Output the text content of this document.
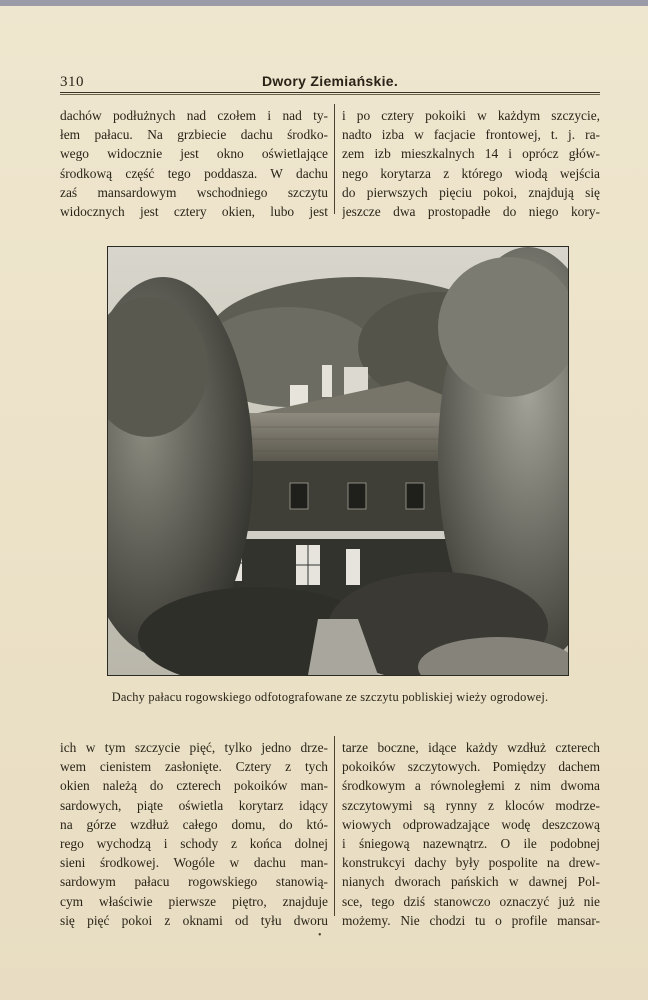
310	Dwory Ziemiańskie.
dachów podłużnych nad czołem i nad ty-
łem pałacu. Na grzbiecie dachu środko-
wego widocznie jest okno oświetlające
środkową część tego poddasza. W dachu
zaś mansardowym wschodniego szczytu
widocznych jest cztery okien, lubo jest
i po cztery pokoiki w każdym szczycie,
nadto izba w facjacie frontowej, t. j. ra-
zem izb mieszkalnych 14 i oprócz głów-
nego korytarza z którego wiodą wejścia
do pierwszych pięciu pokoi, znajdują się
jeszcze dwa prostopadłe do niego kory-
Dachy pałacu rogowskiego odfotografowane ze szczytu pobliskiej wieży ogrodowej.
ich w tym szczycie pięć, tylko jedno drze-
wem cienistem zasłonięte. Cztery z tych
okien należą do czterech pokoików man-
sardowych, piąte oświetla korytarz idący
na górze wzdłuż całego domu, do któ-
rego wychodzą i schody z końca dolnej
sieni środkowej. Wogóle w dachu man-
sardowym pałacu rogowskiego stanowią-
cym właściwie pierwsze piętro, znajduje
się pięć pokoi z oknami od tyłu dworu
tarze boczne, idące każdy wzdłuż czterech
pokoików szczytowych. Pomiędzy dachem
środkowym a równoległemi z nim dwoma
szczytowymi są rynny z kloców modrze-
wiowych odprowadzające wodę deszczową
i śniegową nazewnątrz. O ile podobnej
konstrukcyi dachy były pospolite na drew-
nianych dworach pańskich w dawnej Pol-
sce, tego dziś stanowczo oznaczyć już nie
możemy. Nie chodzi tu o profile mansar-
•
